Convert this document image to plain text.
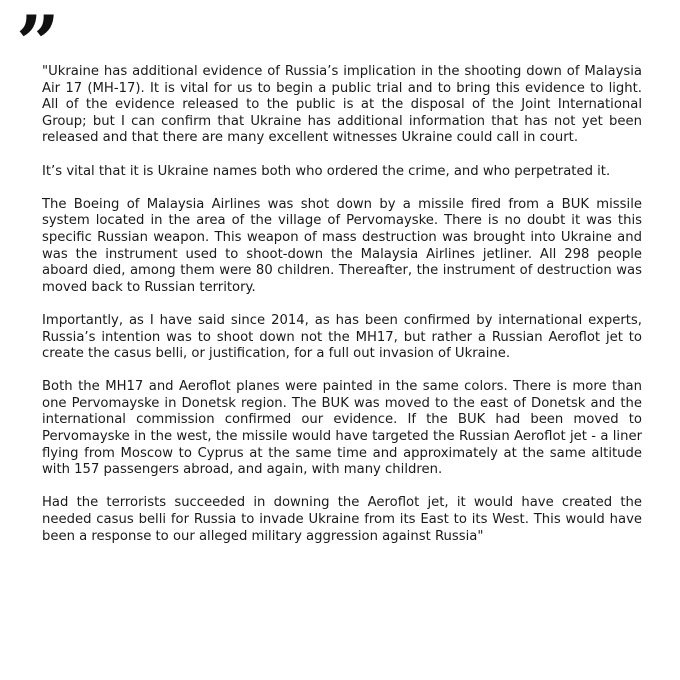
”

"Ukraine has additional evidence of Russia’s implication in the shooting down of Malaysia Air 17 (MH-17). It is vital for us to begin a public trial and to bring this evidence to light. All of the evidence released to the public is at the disposal of the Joint International Group; but I can confirm that Ukraine has additional information that has not yet been released and that there are many excellent witnesses Ukraine could call in court.

It’s vital that it is Ukraine names both who ordered the crime, and who perpetrated it.

The Boeing of Malaysia Airlines was shot down by a missile fired from a BUK missile system located in the area of the village of Pervomayske. There is no doubt it was this specific Russian weapon. This weapon of mass destruction was brought into Ukraine and was the instrument used to shoot-down the Malaysia Airlines jetliner. All 298 people aboard died, among them were 80 children. Thereafter, the instrument of destruction was moved back to Russian territory.

Importantly, as I have said since 2014, as has been confirmed by international experts, Russia’s intention was to shoot down not the MH17, but rather a Russian Aeroflot jet to create the casus belli, or justification, for a full out invasion of Ukraine.

Both the MH17 and Aeroflot planes were painted in the same colors. There is more than one Pervomayske in Donetsk region. The BUK was moved to the east of Donetsk and the international commission confirmed our evidence. If the BUK had been moved to Pervomayske in the west, the missile would have targeted the Russian Aeroflot jet - a liner flying from Moscow to Cyprus at the same time and approximately at the same altitude with 157 passengers abroad, and again, with many children.

Had the terrorists succeeded in downing the Aeroflot jet, it would have created the needed casus belli for Russia to invade Ukraine from its East to its West. This would have been a response to our alleged military aggression against Russia"
